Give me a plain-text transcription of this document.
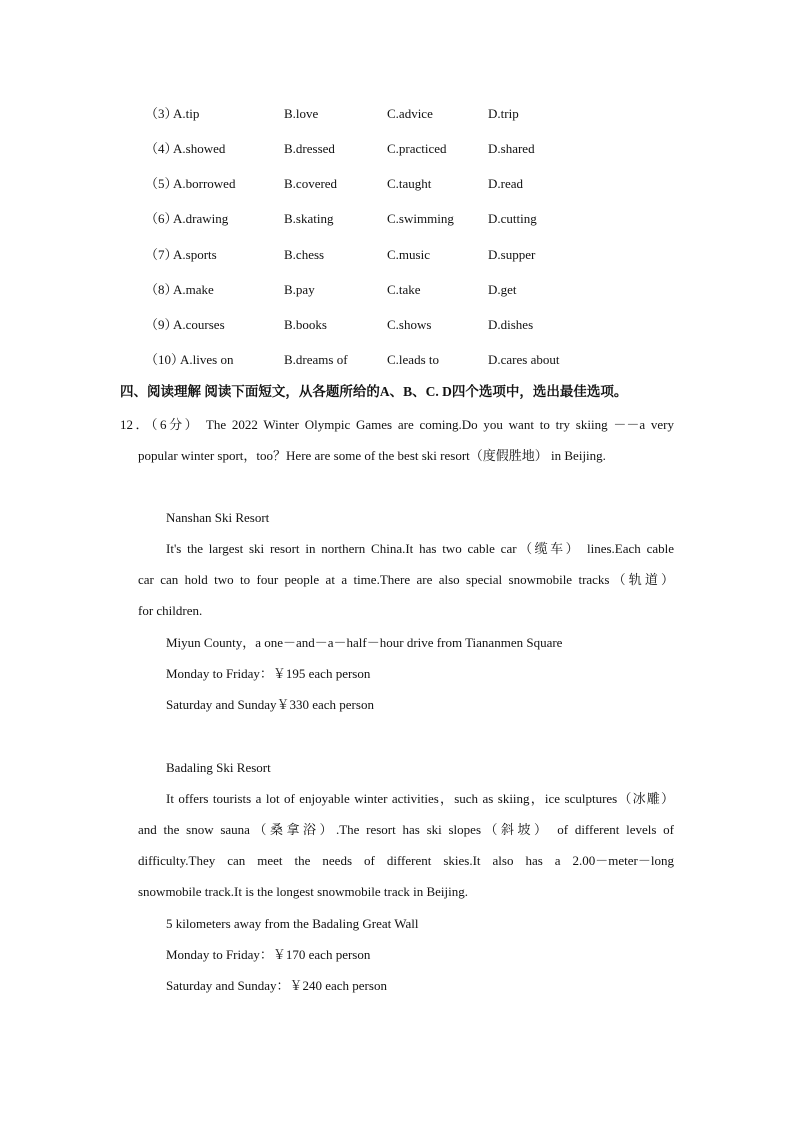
（3）
A.tip	B.love	C.advice	D.trip
（4）
A.showed	B.dressed	C.practiced	D.shared
（5）
A.borrowed	B.covered	C.taught	D.read
（6）
A.drawing	B.skating	C.swimming	D.cutting
（7）
A.sports	B.chess	C.music	D.supper
（8）
A.make	B.pay	C.take	D.get
（9）
A.courses	B.books	C.shows	D.dishes
（10）
A.lives on	B.dreams of	C.leads to	D.cares about
四、阅读理解 阅读下面短文，从各题所给的A、B、C. D四个选项中，选出最佳选项。
12．（6分） The 2022 Winter Olympic Games are coming.Do you want to try skiing －－a very
popular winter sport，too？Here are some of the best ski resort（度假胜地） in Beijing.
Nanshan Ski Resort
It's the largest ski resort in northern China.It has two cable car（缆车） lines.Each cable
car can hold two to four people at a time.There are also special snowmobile tracks（轨道）
for children.
Miyun County，a one－and－a－half－hour drive from Tiananmen Square
Monday to Friday：￥195 each person
Saturday and Sunday￥330 each person
Badaling Ski Resort
It offers tourists a lot of enjoyable winter activities，such as skiing，ice sculptures（冰雕）
and the snow sauna（桑拿浴）.The resort has ski slopes（斜坡） of different levels of
difficulty.They can meet the needs of different skies.It also has a 2.00－meter－long
snowmobile track.It is the longest snowmobile track in Beijing.
5 kilometers away from the Badaling Great Wall
Monday to Friday：￥170 each person
Saturday and Sunday：￥240 each person
